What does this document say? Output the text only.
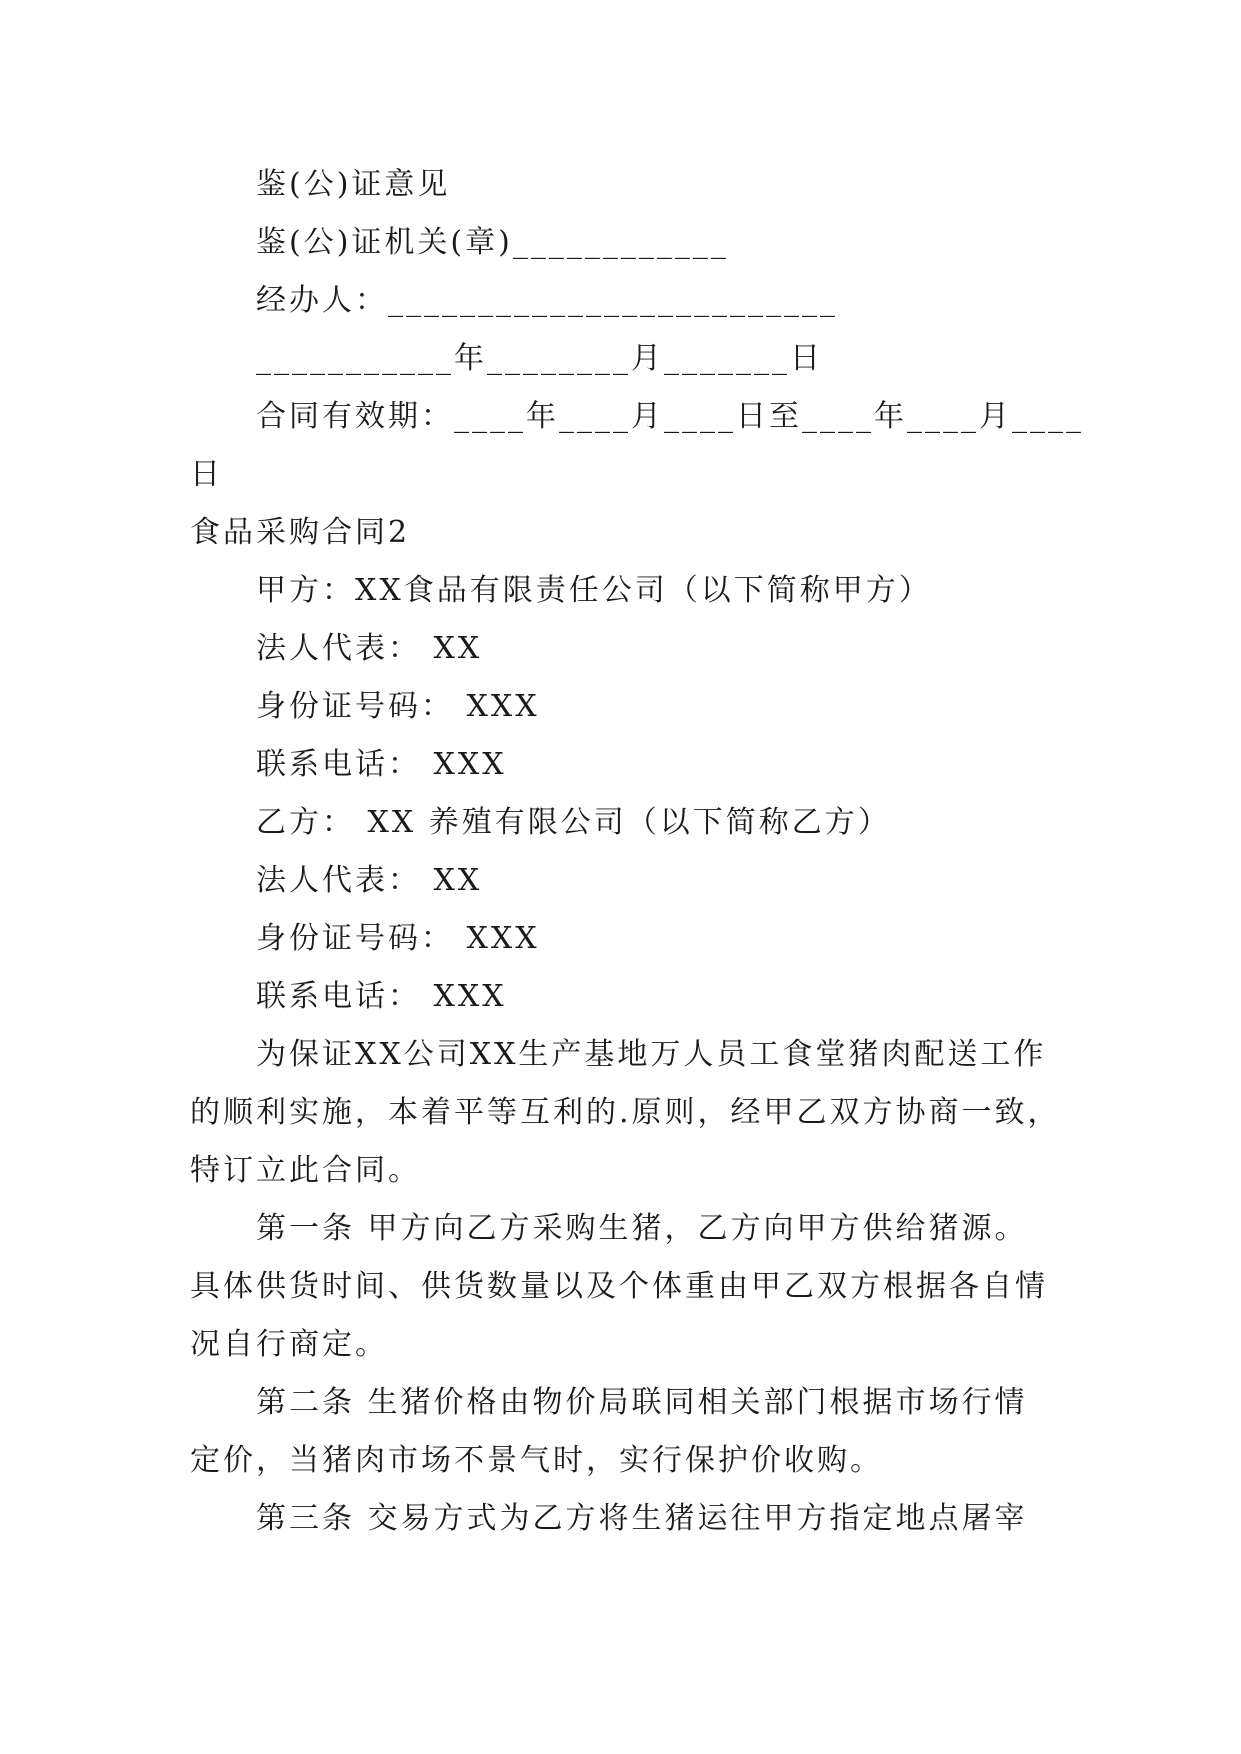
鉴(公)证意见
鉴(公)证机关(章)____________
经办人：_________________________
___________年________月_______日
合同有效期：____年____月____日至____年____月____
日
食品采购合同2
甲方：XX食品有限责任公司（以下简称甲方）
法人代表： XX
身份证号码： XXX
联系电话： XXX
乙方： XX 养殖有限公司（以下简称乙方）
法人代表： XX
身份证号码： XXX
联系电话： XXX
为保证XX公司XX生产基地万人员工食堂猪肉配送工作
的顺利实施，本着平等互利的.原则，经甲乙双方协商一致，
特订立此合同。
第一条 甲方向乙方采购生猪，乙方向甲方供给猪源。
具体供货时间、供货数量以及个体重由甲乙双方根据各自情
况自行商定。
第二条 生猪价格由物价局联同相关部门根据市场行情
定价，当猪肉市场不景气时，实行保护价收购。
第三条 交易方式为乙方将生猪运往甲方指定地点屠宰
